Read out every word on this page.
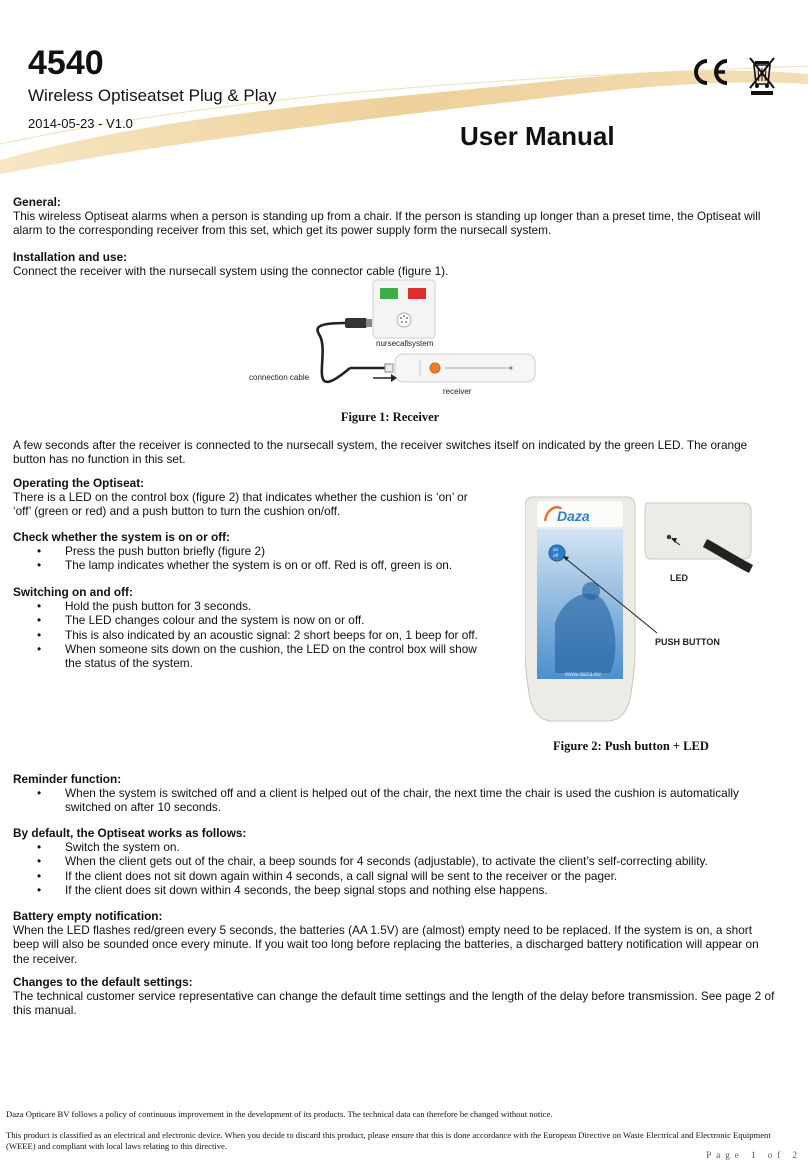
4540
Wireless Optiseatset Plug & Play
2014-05-23 - V1.0	User Manual
General:
This wireless Optiseat alarms when a person is standing up from a chair. If the person is standing up longer than a preset time, the Optiseat will alarm to the corresponding receiver from this set, which get its power supply form the nursecall system.
Installation and use:
Connect the receiver with the nursecall system using the connector cable (figure 1).
nursecallsystem
connection cable
receiver
Figure 1: Receiver
A few seconds after the receiver is connected to the nursecall system, the receiver switches itself on indicated by the green LED. The orange button has no function in this set.
Operating the Optiseat:
There is a LED on the control box (figure 2) that indicates whether the cushion is ‘on’ or ‘off’ (green or red) and a push button to turn the cushion on/off.
Check whether the system is on or off:
• Press the push button briefly (figure 2)
• The lamp indicates whether the system is on or off. Red is off, green is on.
Switching on and off:
• Hold the push button for 3 seconds.
• The LED changes colour and the system is now on or off.
• This is also indicated by an acoustic signal: 2 short beeps for on, 1 beep for off.
• When someone sits down on the cushion, the LED on the control box will show the status of the system.
Daza
on
off
www.daza.eu
LED
PUSH BUTTON
Figure 2: Push button + LED
Reminder function:
• When the system is switched off and a client is helped out of the chair, the next time the chair is used the cushion is automatically switched on after 10 seconds.
By default, the Optiseat works as follows:
• Switch the system on.
• When the client gets out of the chair, a beep sounds for 4 seconds (adjustable), to activate the client’s self-correcting ability.
• If the client does not sit down again within 4 seconds, a call signal will be sent to the receiver or the pager.
• If the client does sit down within 4 seconds, the beep signal stops and nothing else happens.
Battery empty notification:
When the LED flashes red/green every 5 seconds, the batteries (AA 1.5V) are (almost) empty need to be replaced. If the system is on, a short beep will also be sounded once every minute. If you wait too long before replacing the batteries, a discharged battery notification will appear on the receiver.
Changes to the default settings:
The technical customer service representative can change the default time settings and the length of the delay before transmission. See page 2 of this manual.
Daza Opticare BV follows a policy of continuous improvement in the development of its products. The technical data can therefore be changed without notice.
This product is classified as an electrical and electronic device. When you decide to discard this product, please ensure that this is done accordance with the European Directive on Waste Electrical and Electronic Equipment (WEEE) and compliant with local laws relating to this directive.
Page 1 of 2
